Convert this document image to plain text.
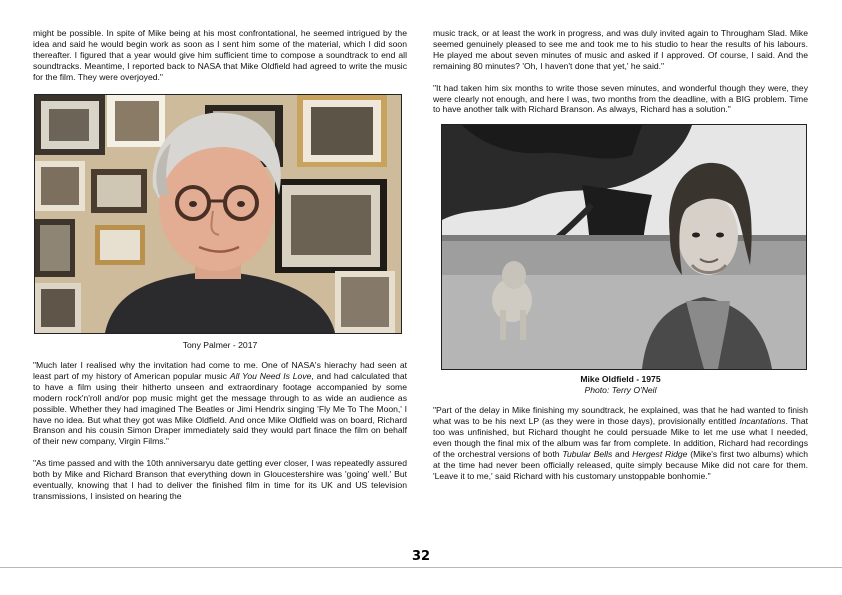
might be possible. In spite of Mike being at his most confrontational, he seemed intrigued by the idea and said he would begin work as soon as I sent him some of the material, which I did soon thereafter. I figured that a year would give him sufficient time to compose a soundtrack to end all soundtracks. Meantime, I reported back to NASA that Mike Oldfield had agreed to write the music for the film. They were overjoyed."

Tony Palmer - 2017

"Much later I realised why the invitation had come to me. One of NASA's hierachy had seen at least part of my history of American popular music All You Need Is Love, and had calculated that to have a film using their hitherto unseen and extraordinary footage accompanied by some modern rock'n'roll and/or pop music might get the message through to as wide an audience as possible. Whether they had imagined The Beatles or Jimi Hendrix singing 'Fly Me To The Moon,' I have no idea. But what they got was Mike Oldfield. And once Mike Oldfield was on board, Richard Branson and his cousin Simon Draper immediately said they would part finace the film on behalf of their new company, Virgin Films."

"As time passed and with the 10th anniversaryu date getting ever closer, I was repeatedly assured both by Mike and Richard Branson that everything down in Gloucestershire was 'going' well.' But eventually, knowing that I had to deliver the finished film in time for its UK and US television transmissions, I insisted on hearing the

music track, or at least the work in progress, and was duly invited again to Througham Slad. Mike seemed genuinely pleased to see me and took me to his studio to hear the results of his labours. He played me about seven minutes of music and asked if I approved. Of course, I said. And the remaining 80 minutes? 'Oh, I haven't done that yet,' he said."

"It had taken him six months to write those seven minutes, and wonderful though they were, they were clearly not enough, and here I was, two months from the deadline, with a BIG problem. Time to have another talk with Richard Branson. As always, Richard has a solution."

Mike Oldfield - 1975
Photo: Terry O'Neil

"Part of the delay in Mike finishing my soundtrack, he explained, was that he had wanted to finish what was to be his next LP (as they were in those days), provisionally entitled Incantations. That too was unfinished, but Richard thought he could persuade Mike to let me use what I needed, even though the final mix of the album was far from complete. In addition, Richard had recordings of the orchestral versions of both Tubular Bells and Hergest Ridge (Mike's first two albums) which at the time had never been officially released, quite simply because Mike did not care for them. 'Leave it to me,' said Richard with his customary unstoppable bonhomie."

32
